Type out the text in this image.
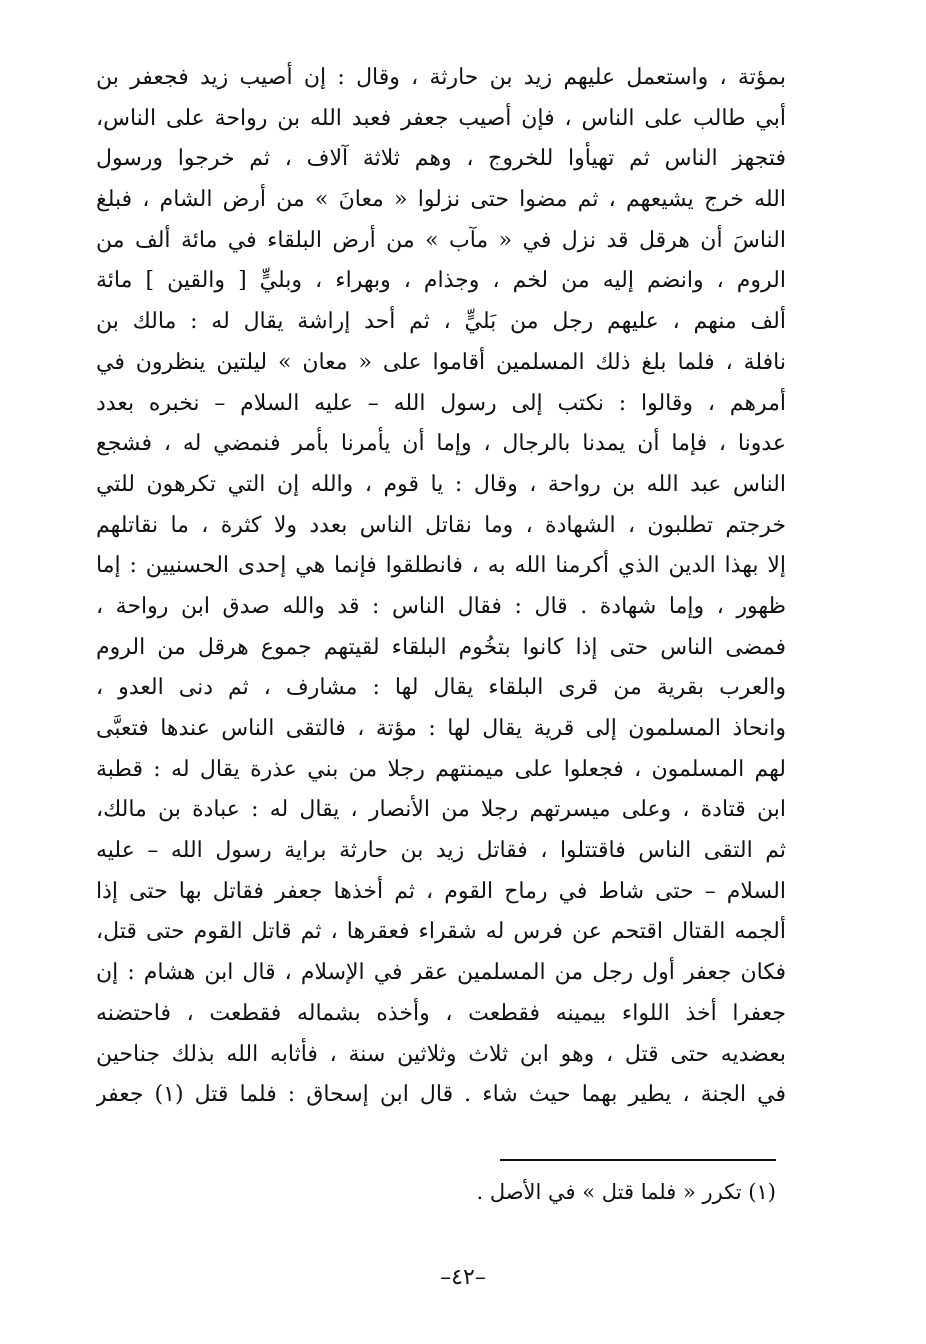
بمؤتة ، واستعمل عليهم زيد بن حارثة ، وقال : إن أصيب زيد فجعفر بن
أبي طالب على الناس ، فإن أصيب جعفر فعبد الله بن رواحة على الناس،
فتجهز الناس ثم تهيأوا للخروج ، وهم ثلاثة آلاف ، ثم خرجوا ورسول
الله خرج يشيعهم ، ثم مضوا حتى نزلوا « معانَ » من أرض الشام ، فبلغ
الناسَ أن هرقل قد نزل في « مآب » من أرض البلقاء في مائة ألف من
الروم ، وانضم إليه من لخم ، وجذام ، وبهراء ، وبليٍّ [ والقين ] مائة
ألف منهم ، عليهم رجل من بَليٍّ ، ثم أحد إراشة يقال له : مالك بن
نافلة ، فلما بلغ ذلك المسلمين أقاموا على « معان » ليلتين ينظرون في
أمرهم ، وقالوا : نكتب إلى رسول الله – عليه السلام – نخبره بعدد
عدونا ، فإما أن يمدنا بالرجال ، وإما أن يأمرنا بأمر فنمضي له ، فشجع
الناس عبد الله بن رواحة ، وقال : يا قوم ، والله إن التي تكرهون للتي
خرجتم تطلبون ، الشهادة ، وما نقاتل الناس بعدد ولا كثرة ، ما نقاتلهم
إلا بهذا الدين الذي أكرمنا الله به ، فانطلقوا فإنما هي إحدى الحسنيين : إما
ظهور ، وإما شهادة . قال : فقال الناس : قد والله صدق ابن رواحة ،
فمضى الناس حتى إذا كانوا بتخُوم البلقاء لقيتهم جموع هرقل من الروم
والعرب بقرية من قرى البلقاء يقال لها : مشارف ، ثم دنى العدو ،
وانحاذ المسلمون إلى قرية يقال لها : مؤتة ، فالتقى الناس عندها فتعبَّى
لهم المسلمون ، فجعلوا على ميمنتهم رجلا من بني عذرة يقال له : قطبة
ابن قتادة ، وعلى ميسرتهم رجلا من الأنصار ، يقال له : عبادة بن مالك،
ثم التقى الناس فاقتتلوا ، فقاتل زيد بن حارثة براية رسول الله – عليه
السلام – حتى شاط في رماح القوم ، ثم أخذها جعفر فقاتل بها حتى إذا
ألجمه القتال اقتحم عن فرس له شقراء فعقرها ، ثم قاتل القوم حتى قتل،
فكان جعفر أول رجل من المسلمين عقر في الإسلام ، قال ابن هشام : إن
جعفرا أخذ اللواء بيمينه فقطعت ، وأخذه بشماله فقطعت ، فاحتضنه
بعضديه حتى قتل ، وهو ابن ثلاث وثلاثين سنة ، فأثابه الله بذلك جناحين
في الجنة ، يطير بهما حيث شاء . قال ابن إسحاق : فلما قتل (١) جعفر
(١) تكرر « فلما قتل » في الأصل .
–٤٢–
